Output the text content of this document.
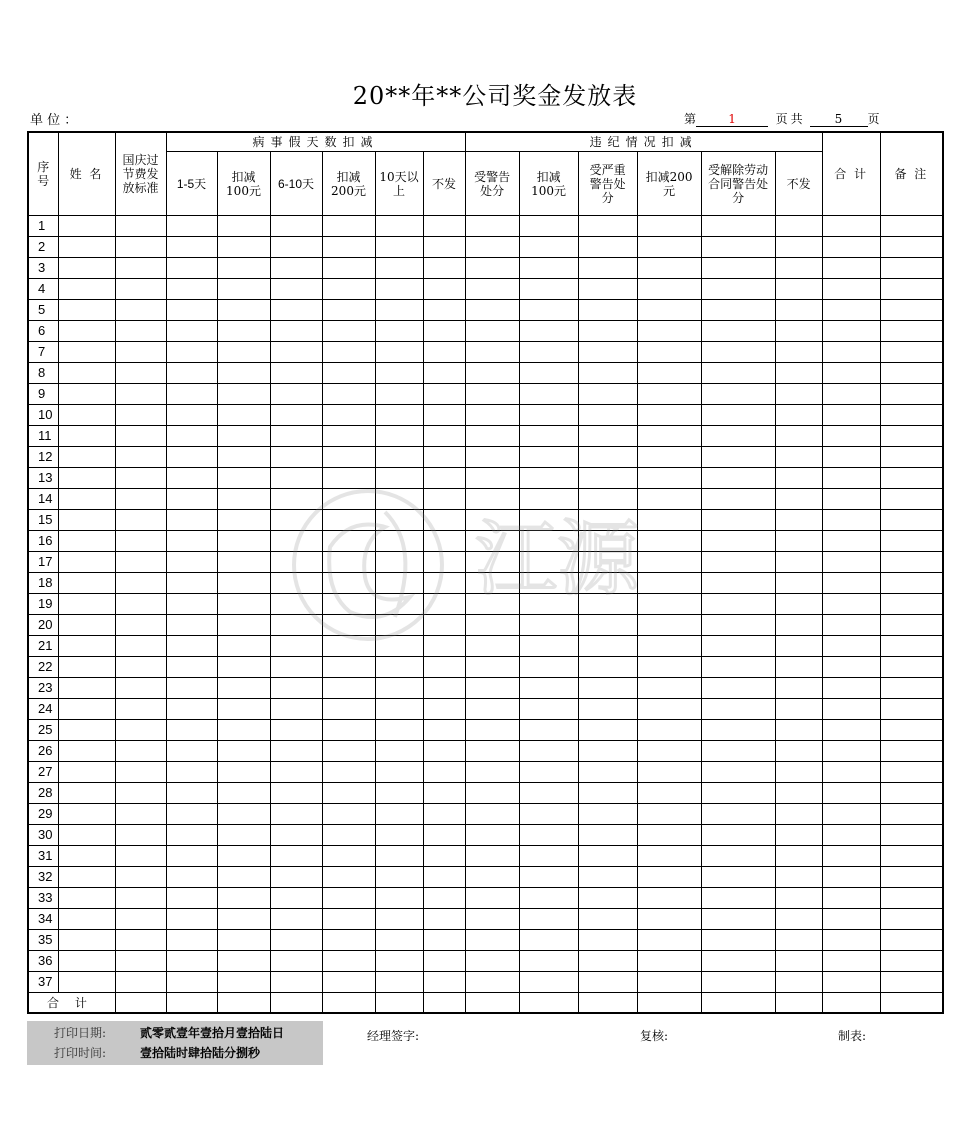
20**年**公司奖金发放表
单 位 ：	第	1	页共 5 页
序号	姓 名	国庆过节费发放标准	病事假天数扣减						违纪情况扣减						合 计	备 注
			1-5天	扣减100元	6-10天	扣减200元	10天以上	不发	受警告处分	扣减100元	受严重警告处分	扣减200元	受解除劳动合同警告处分	不发		
1																
2																
3																
4																
5																
6																
7																
8																
9																
10																
11																
12																
13																
14																
15																
16																
17																
18																
19																
20																
21																
22																
23																
24																
25																
26																
27																
28																
29																
30																
31																
32																
33																
34																
35																
36																
37																
合 计																
打印日期:	贰零贰壹年壹拾月壹拾陆日
打印时间:	壹拾陆时肆拾陆分捌秒
经理签字:	复核:	制表:
江源
